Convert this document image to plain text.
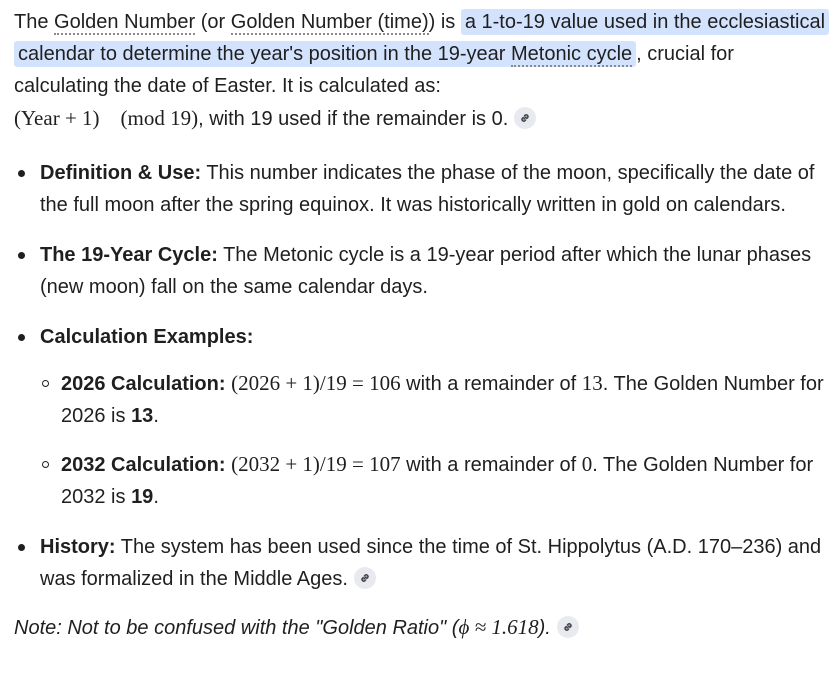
The Golden Number (or Golden Number (time)) is a 1-to-19 value used in the ecclesiastical calendar to determine the year's position in the 19-year Metonic cycle , crucial for calculating the date of Easter. It is calculated as:
(Year + 1)    (mod 19), with 19 used if the remainder is 0.

Definition & Use: This number indicates the phase of the moon, specifically the date of the full moon after the spring equinox. It was historically written in gold on calendars.
The 19-Year Cycle: The Metonic cycle is a 19-year period after which the lunar phases (new moon) fall on the same calendar days.
Calculation Examples:
2026 Calculation: (2026 + 1)/19 = 106 with a remainder of 13. The Golden Number for 2026 is 13.
2032 Calculation: (2032 + 1)/19 = 107 with a remainder of 0. The Golden Number for 2032 is 19.
History: The system has been used since the time of St. Hippolytus (A.D. 170–236) and was formalized in the Middle Ages.

Note: Not to be confused with the "Golden Ratio" (ϕ ≈ 1.618).
